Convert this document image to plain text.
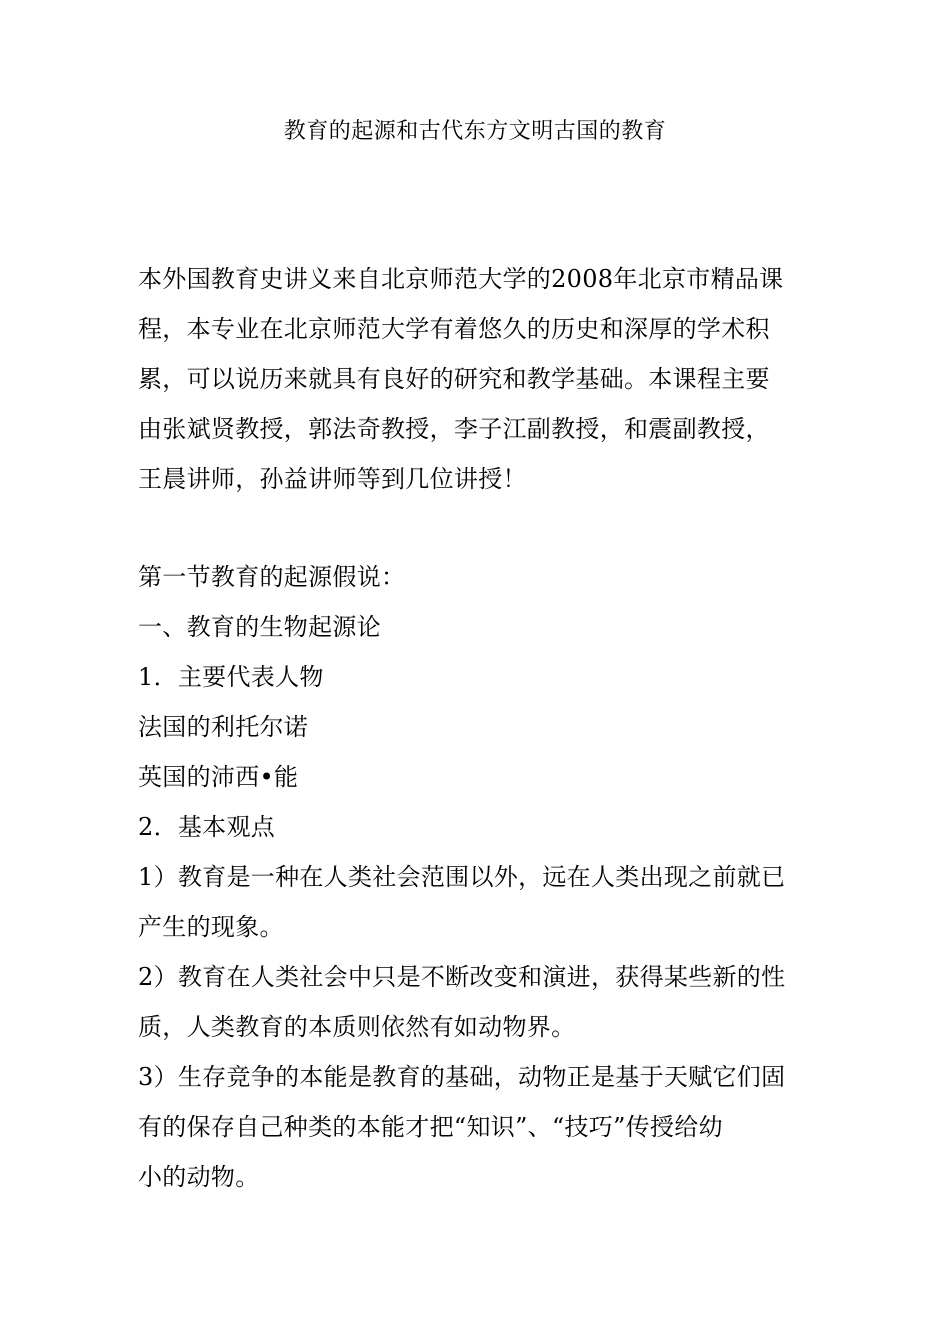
教育的起源和古代东方文明古国的教育
本外国教育史讲义来自北京师范大学的2008年北京市精品课
程，本专业在北京师范大学有着悠久的历史和深厚的学术积
累，可以说历来就具有良好的研究和教学基础。本课程主要
由张斌贤教授，郭法奇教授，李子江副教授，和震副教授，
王晨讲师，孙益讲师等到几位讲授！
第一节教育的起源假说：
一、教育的生物起源论
1．主要代表人物
法国的利托尔诺
英国的沛西•能
2．基本观点
1）教育是一种在人类社会范围以外，远在人类出现之前就已
产生的现象。
2）教育在人类社会中只是不断改变和演进，获得某些新的性
质，人类教育的本质则依然有如动物界。
3）生存竞争的本能是教育的基础，动物正是基于天赋它们固
有的保存自己种类的本能才把“知识”、“技巧”传授给幼
小的动物。
